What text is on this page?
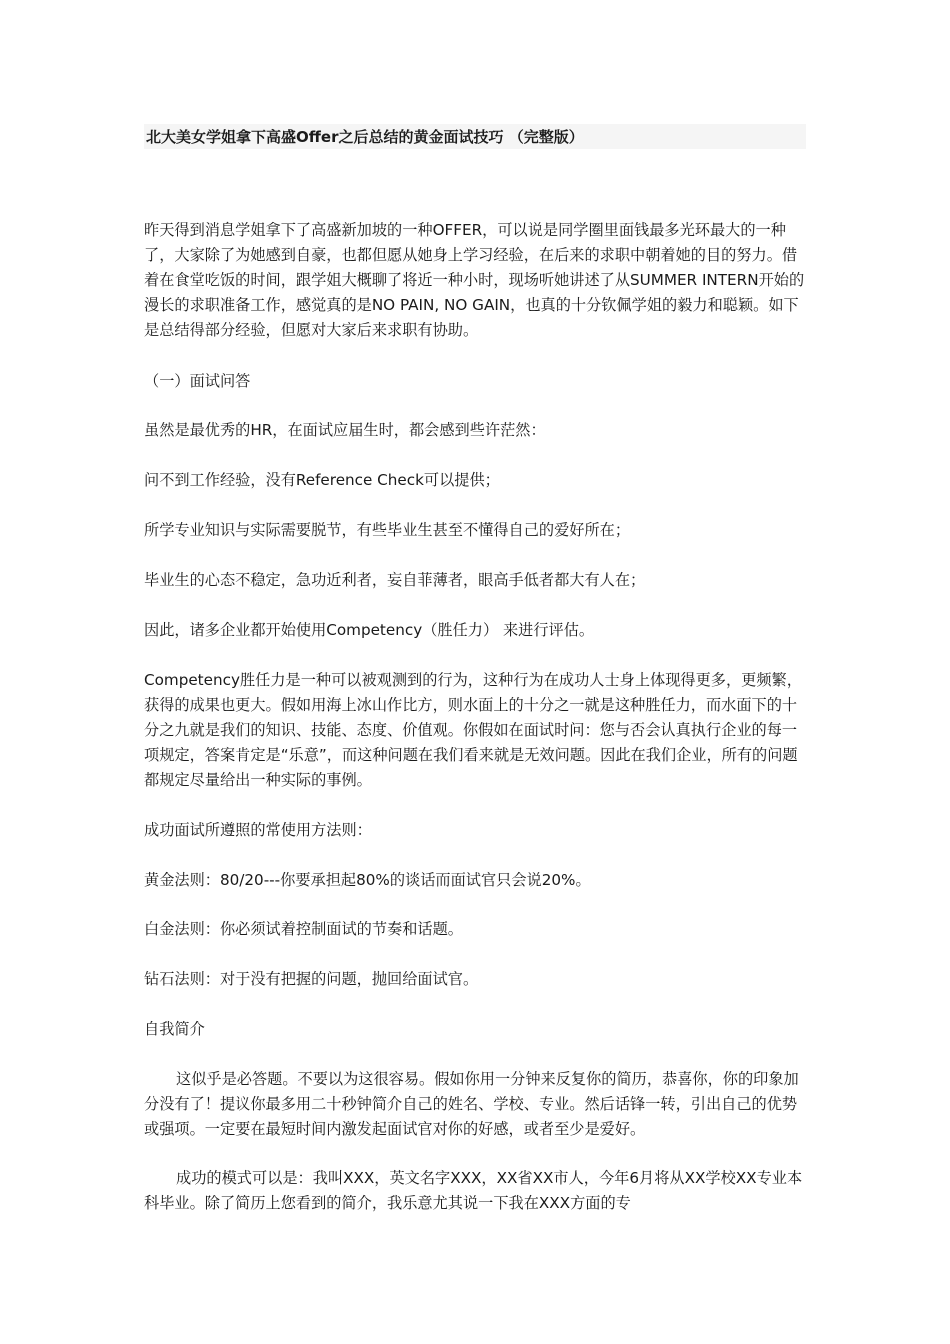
北大美女学姐拿下高盛Offer之后总结的黄金面试技巧 （完整版）

昨天得到消息学姐拿下了高盛新加坡的一种OFFER，可以说是同学圈里面钱最多光环最大的一种了，大家除了为她感到自豪，也都但愿从她身上学习经验，在后来的求职中朝着她的目的努力。借着在食堂吃饭的时间，跟学姐大概聊了将近一种小时，现场听她讲述了从SUMMER INTERN开始的漫长的求职准备工作，感觉真的是NO PAIN, NO GAIN，也真的十分钦佩学姐的毅力和聪颖。如下是总结得部分经验，但愿对大家后来求职有协助。

（一）面试问答

虽然是最优秀的HR，在面试应届生时，都会感到些许茫然：

问不到工作经验，没有Reference Check可以提供；

所学专业知识与实际需要脱节，有些毕业生甚至不懂得自己的爱好所在；

毕业生的心态不稳定，急功近利者，妄自菲薄者，眼高手低者都大有人在；

因此，诸多企业都开始使用Competency（胜任力） 来进行评估。

Competency胜任力是一种可以被观测到的行为，这种行为在成功人士身上体现得更多，更频繁，获得的成果也更大。假如用海上冰山作比方，则水面上的十分之一就是这种胜任力，而水面下的十分之九就是我们的知识、技能、态度、价值观。你假如在面试时问：您与否会认真执行企业的每一项规定，答案肯定是“乐意”，而这种问题在我们看来就是无效问题。因此在我们企业，所有的问题都规定尽量给出一种实际的事例。

成功面试所遵照的常使用方法则：

黄金法则：80/20---你要承担起80%的谈话而面试官只会说20%。

白金法则：你必须试着控制面试的节奏和话题。

钻石法则：对于没有把握的问题，抛回给面试官。

自我简介

这似乎是必答题。不要以为这很容易。假如你用一分钟来反复你的简历，恭喜你，你的印象加分没有了！提议你最多用二十秒钟简介自己的姓名、学校、专业。然后话锋一转，引出自己的优势或强项。一定要在最短时间内激发起面试官对你的好感，或者至少是爱好。

成功的模式可以是：我叫XXX，英文名字XXX，XX省XX市人，今年6月将从XX学校XX专业本科毕业。除了简历上您看到的简介，我乐意尤其说一下我在XXX方面的专
